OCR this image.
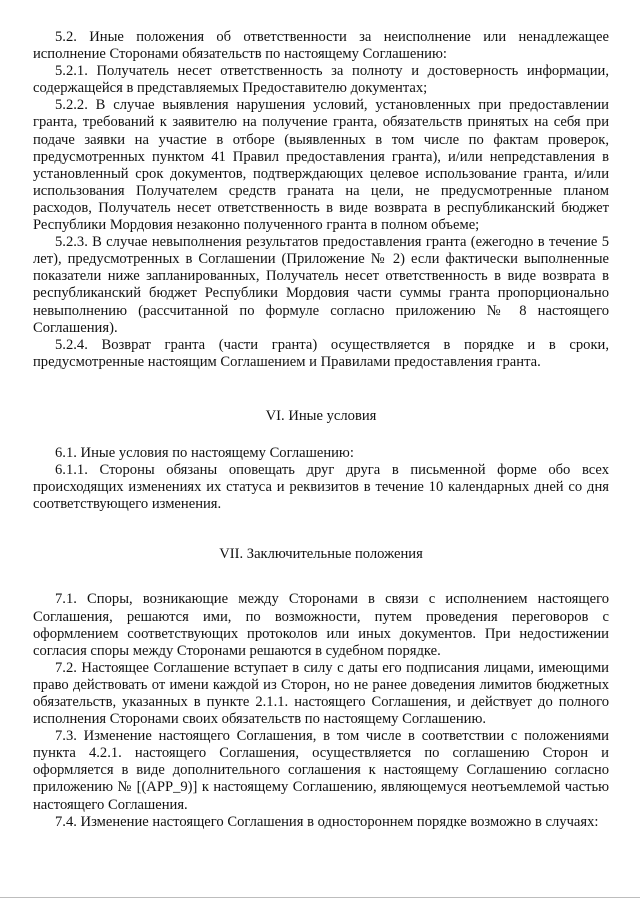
5.2. Иные положения об ответственности за неисполнение или ненадлежащее исполнение Сторонами обязательств по настоящему Соглашению:

5.2.1. Получатель несет ответственность за полноту и достоверность информации, содержащейся в представляемых Предоставителю документах;

5.2.2. В случае выявления нарушения условий, установленных при предоставлении гранта, требований к заявителю на получение гранта, обязательств принятых на себя при подаче заявки на участие в отборе (выявленных в том числе по фактам проверок, предусмотренных пунктом 41 Правил предоставления гранта), и/или непредставления в установленный срок документов, подтверждающих целевое использование гранта, и/или использования Получателем средств граната на цели, не предусмотренные планом расходов, Получатель несет ответственность в виде возврата в республиканский бюджет Республики Мордовия незаконно полученного гранта в полном объеме;

5.2.3. В случае невыполнения результатов предоставления гранта (ежегодно в течение 5 лет), предусмотренных в Соглашении (Приложение № 2) если фактически выполненные показатели ниже запланированных, Получатель несет ответственность в виде возврата в республиканский бюджет Республики Мордовия части суммы гранта пропорционально невыполнению (рассчитанной по формуле согласно приложению № 8 настоящего Соглашения).

5.2.4. Возврат гранта (части гранта) осуществляется в порядке и в сроки, предусмотренные настоящим Соглашением и Правилами предоставления гранта.

VI. Иные условия

6.1. Иные условия по настоящему Соглашению:

6.1.1. Стороны обязаны оповещать друг друга в письменной форме обо всех происходящих изменениях их статуса и реквизитов в течение 10 календарных дней со дня соответствующего изменения.

VII. Заключительные положения

7.1. Споры, возникающие между Сторонами в связи с исполнением настоящего Соглашения, решаются ими, по возможности, путем проведения переговоров с оформлением соответствующих протоколов или иных документов. При недостижении согласия споры между Сторонами решаются в судебном порядке.

7.2. Настоящее Соглашение вступает в силу с даты его подписания лицами, имеющими право действовать от имени каждой из Сторон, но не ранее доведения лимитов бюджетных обязательств, указанных в пункте 2.1.1. настоящего Соглашения, и действует до полного исполнения Сторонами своих обязательств по настоящему Соглашению.

7.3. Изменение настоящего Соглашения, в том числе в соответствии с положениями пункта 4.2.1. настоящего Соглашения, осуществляется по соглашению Сторон и оформляется в виде дополнительного соглашения к настоящему Соглашению согласно приложению № [(APP_9)] к настоящему Соглашению, являющемуся неотъемлемой частью настоящего Соглашения.

7.4. Изменение настоящего Соглашения в одностороннем порядке возможно в случаях:
